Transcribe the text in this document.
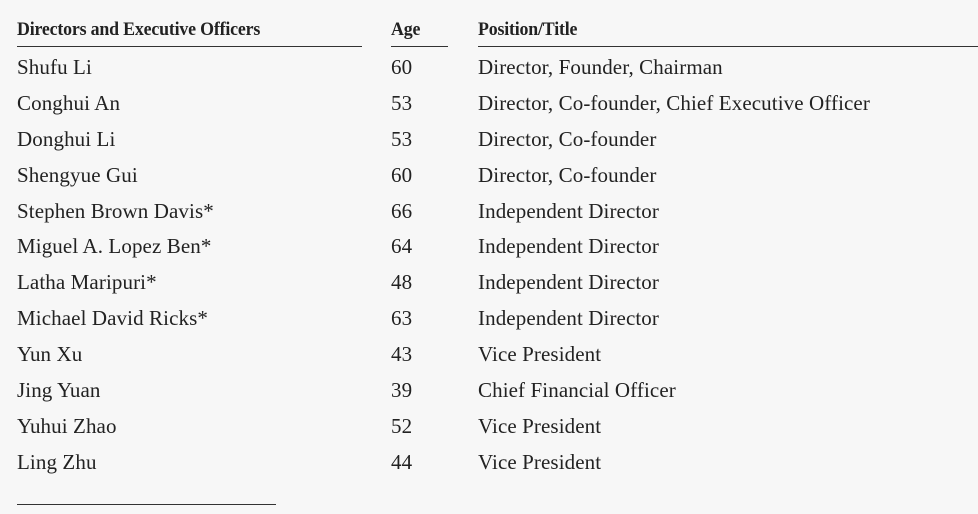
Directors and Executive Officers	Age	Position/Title
Shufu Li	60	Director, Founder, Chairman
Conghui An	53	Director, Co-founder, Chief Executive Officer
Donghui Li	53	Director, Co-founder
Shengyue Gui	60	Director, Co-founder
Stephen Brown Davis*	66	Independent Director
Miguel A. Lopez Ben*	64	Independent Director
Latha Maripuri*	48	Independent Director
Michael David Ricks*	63	Independent Director
Yun Xu	43	Vice President
Jing Yuan	39	Chief Financial Officer
Yuhui Zhao	52	Vice President
Ling Zhu	44	Vice President
